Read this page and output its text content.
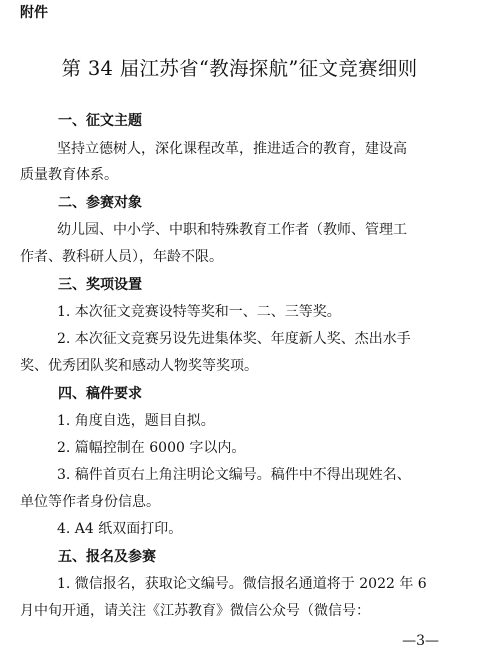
附件
第 34 届江苏省“教海探航”征文竞赛细则
一、征文主题
坚持立德树人，深化课程改革，推进适合的教育，建设高
质量教育体系。
二、参赛对象
幼儿园、中小学、中职和特殊教育工作者（教师、管理工
作者、教科研人员），年龄不限。
三、奖项设置
1. 本次征文竞赛设特等奖和一、二、三等奖。
2. 本次征文竞赛另设先进集体奖、年度新人奖、杰出水手
奖、优秀团队奖和感动人物奖等奖项。
四、稿件要求
1. 角度自选，题目自拟。
2. 篇幅控制在 6000 字以内。
3. 稿件首页右上角注明论文编号。稿件中不得出现姓名、
单位等作者身份信息。
4. A4 纸双面打印。
五、报名及参赛
1. 微信报名，获取论文编号。微信报名通道将于 2022 年 6
月中旬开通，请关注《江苏教育》微信公众号（微信号：
—3—
